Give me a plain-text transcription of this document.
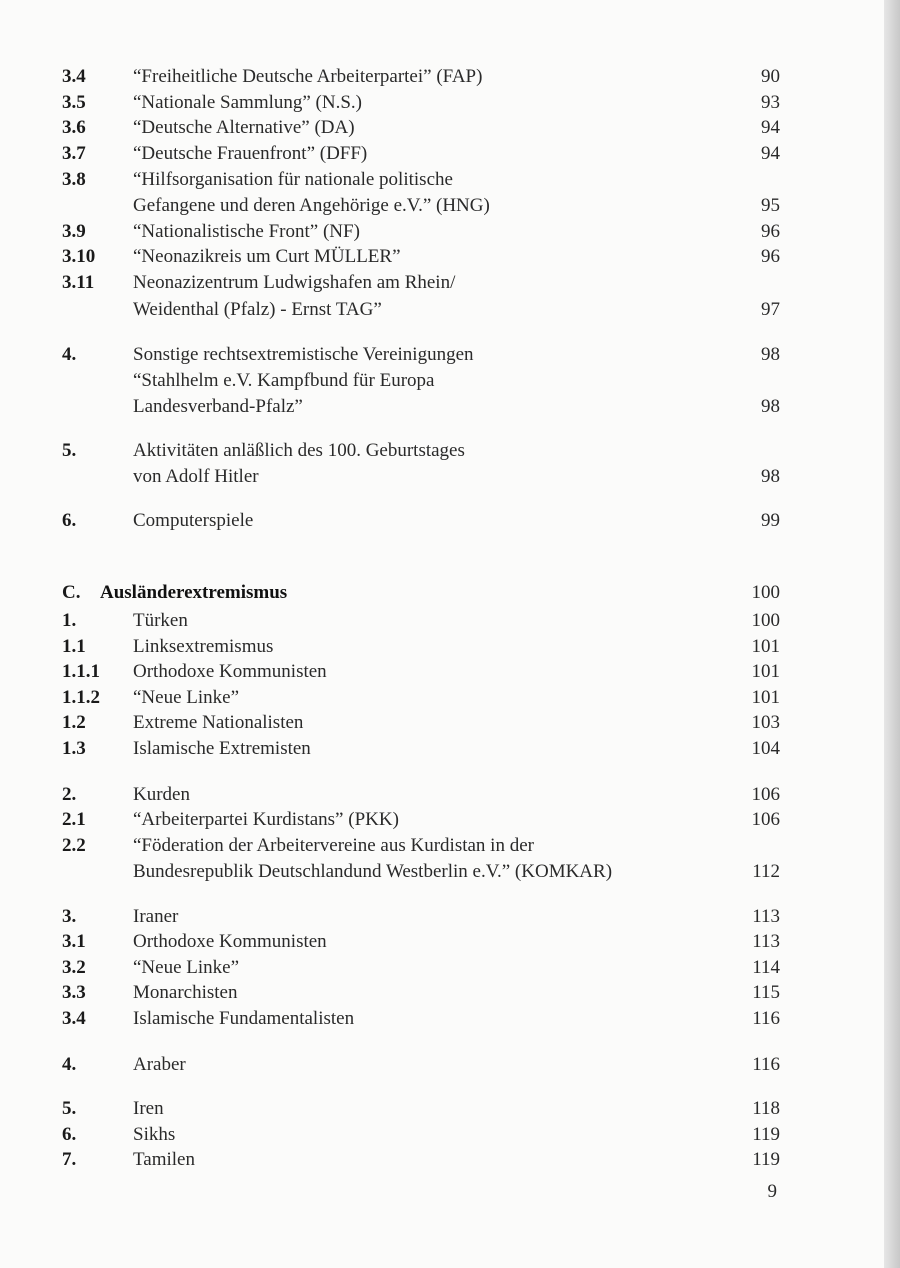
3.4 “Freiheitliche Deutsche Arbeiterpartei” (FAP)	90
3.5 “Nationale Sammlung” (N.S.)	93
3.6 “Deutsche Alternative” (DA)	94
3.7 “Deutsche Frauenfront” (DFF)	94
3.8 “Hilfsorganisation für nationale politische
Gefangene und deren Angehörige e.V.” (HNG)	95
3.9 “Nationalistische Front” (NF)	96
3.10 “Neonazikreis um Curt MÜLLER”	96
3.11 Neonazizentrum Ludwigshafen am Rhein/
Weidenthal (Pfalz) - Ernst TAG”	97
4.	Sonstige rechtsextremistische Vereinigungen	98
“Stahlhelm e.V. Kampfbund für Europa
Landesverband-Pfalz”	98
5.	Aktivitäten anläßlich des 100. Geburtstages
von Adolf Hitler	98
6.	Computerspiele	99
C. Ausländerextremismus	100
1.	Türken	100
1.1 Linksextremismus	101
1.1.1 Orthodoxe Kommunisten	101
1.1.2 “Neue Linke”	101
1.2 Extreme Nationalisten	103
1.3 Islamische Extremisten	104
2.	Kurden	106
2.1 “Arbeiterpartei Kurdistans” (PKK)	106
2.2 “Föderation der Arbeitervereine aus Kurdistan in der
Bundesrepublik Deutschlandund Westberlin e.V.” (KOMKAR)	112
3.	Iraner	113
3.1 Orthodoxe Kommunisten	113
3.2 “Neue Linke”	114
3.3 Monarchisten	115
3.4 Islamische Fundamentalisten	116
4.	Araber	116
5.	Iren	118
6.	Sikhs	119
7.	Tamilen	119
9
